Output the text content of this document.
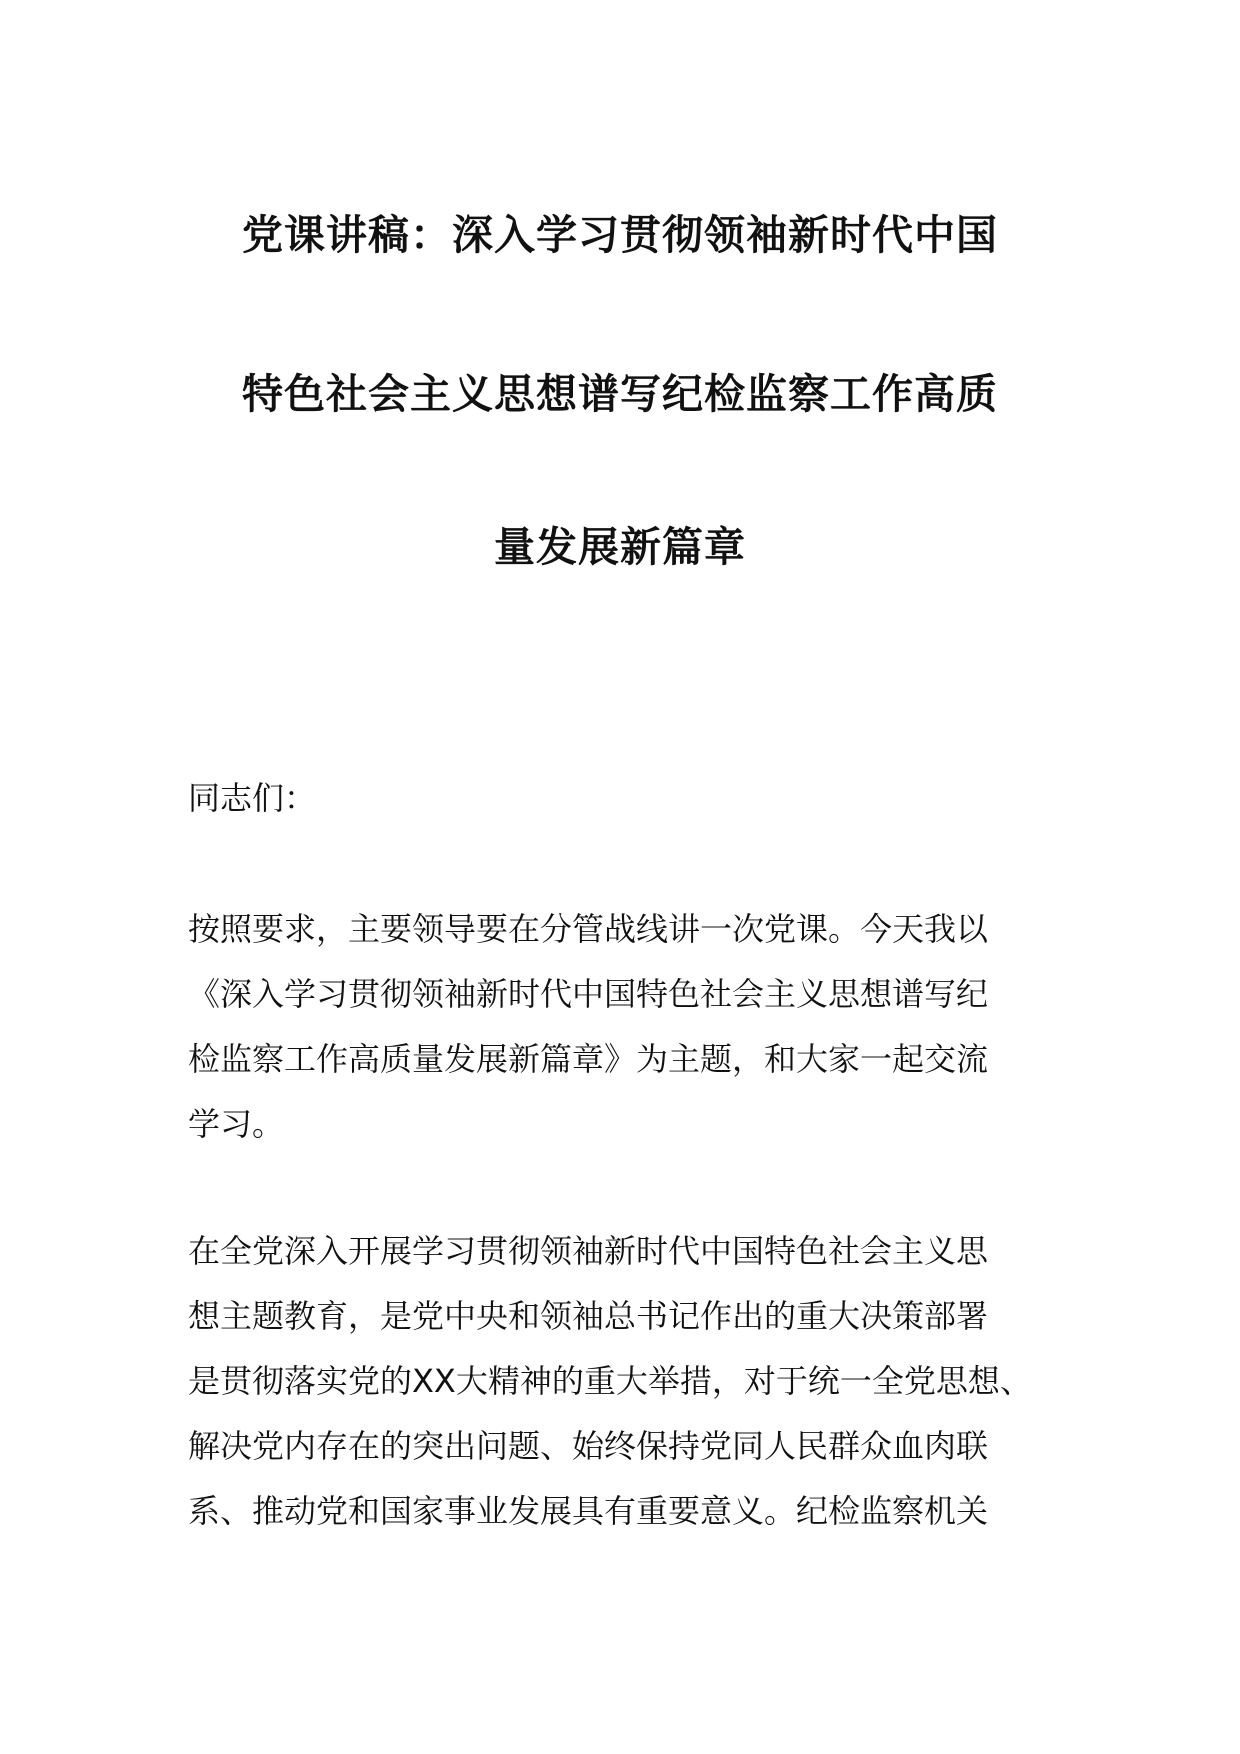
党课讲稿：深入学习贯彻领袖新时代中国
特色社会主义思想谱写纪检监察工作高质
量发展新篇章
同志们：
按照要求，主要领导要在分管战线讲一次党课。今天我以
《深入学习贯彻领袖新时代中国特色社会主义思想谱写纪
检监察工作高质量发展新篇章》为主题，和大家一起交流
学习。
在全党深入开展学习贯彻领袖新时代中国特色社会主义思
想主题教育，是党中央和领袖总书记作出的重大决策部署
是贯彻落实党的XX大精神的重大举措，对于统一全党思想、
解决党内存在的突出问题、始终保持党同人民群众血肉联
系、推动党和国家事业发展具有重要意义。纪检监察机关
